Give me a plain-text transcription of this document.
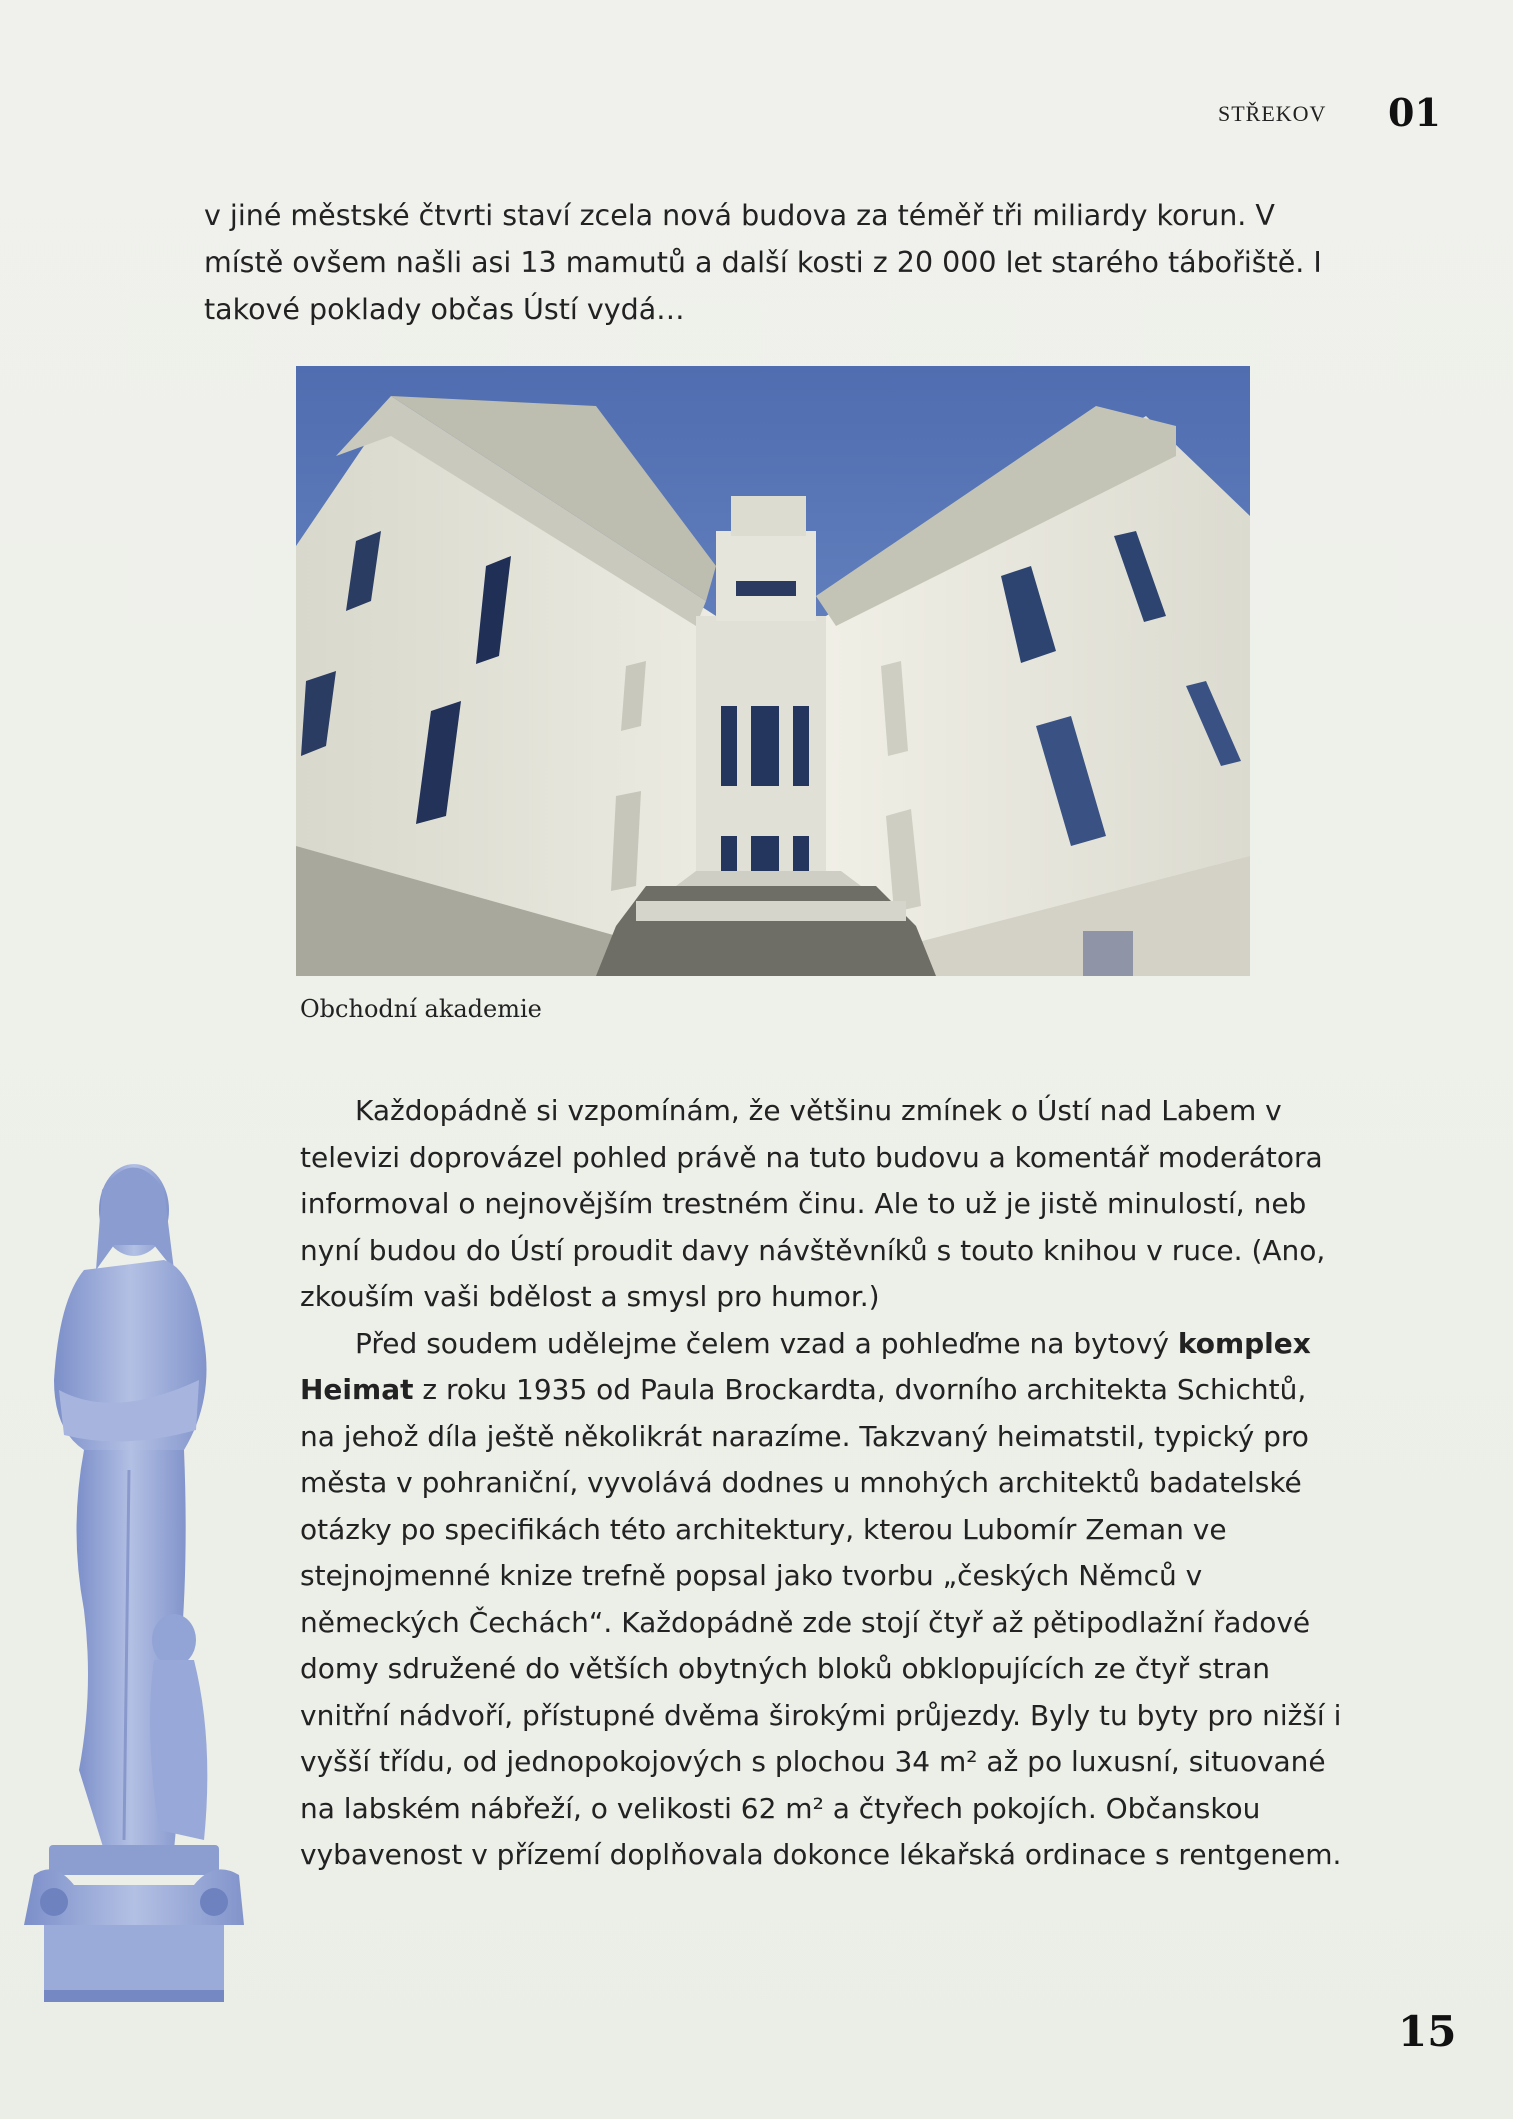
STŘEKOV 01

v jiné městské čtvrti staví zcela nová budova za téměř tři miliardy korun. V místě ovšem našli asi 13 mamutů a další kosti z 20 000 let starého tábořiště. I takové poklady občas Ústí vydá…

Obchodní akademie

Každopádně si vzpomínám, že většinu zmínek o Ústí nad Labem v televizi doprovázel pohled právě na tuto budovu a komentář moderátora informoval o nejnovějším trestném činu. Ale to už je jistě minulostí, neb nyní budou do Ústí proudit davy návštěvníků s touto knihou v ruce. (Ano, zkouším vaši bdělost a smysl pro humor.)

Před soudem udělejme čelem vzad a pohleďme na bytový komplex Heimat z roku 1935 od Paula Brockardta, dvorního architekta Schichtů, na jehož díla ještě několikrát narazíme. Takzvaný heimatstil, typický pro města v pohraniční, vyvolává dodnes u mnohých architektů badatelské otázky po specifikách této architektury, kterou Lubomír Zeman ve stejnojmenné knize trefně popsal jako tvorbu „českých Němců v německých Čechách“. Každopádně zde stojí čtyř až pětipodlažní řadové domy sdružené do větších obytných bloků obklopujících ze čtyř stran vnitřní nádvoří, přístupné dvěma širokými průjezdy. Byly tu byty pro nižší i vyšší třídu, od jednopokojových s plochou 34 m² až po luxusní, situované na labském nábřeží, o velikosti 62 m² a čtyřech pokojích. Občanskou vybavenost v přízemí doplňovala dokonce lékařská ordinace s rentgenem.

15
